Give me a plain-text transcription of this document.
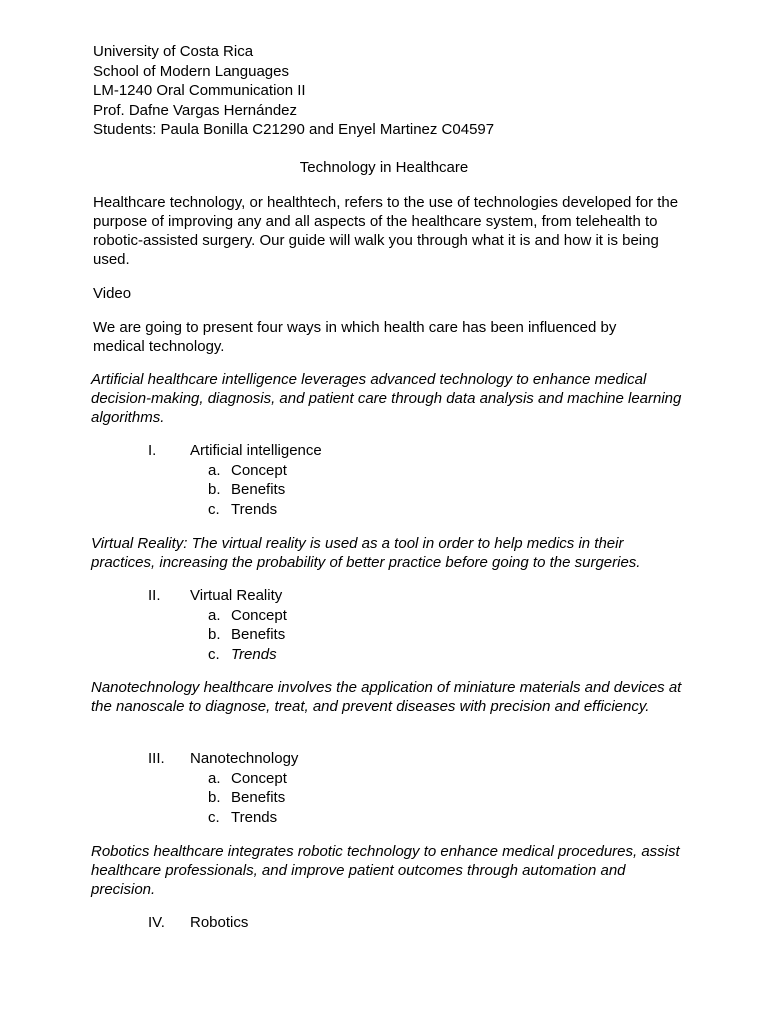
University of Costa Rica
School of Modern Languages
LM-1240 Oral Communication II
Prof. Dafne Vargas Hernández
Students: Paula Bonilla C21290 and Enyel Martinez C04597
Technology in Healthcare
Healthcare technology, or healthtech, refers to the use of technologies developed for the purpose of improving any and all aspects of the healthcare system, from telehealth to robotic-assisted surgery. Our guide will walk you through what it is and how it is being used.
Video
We are going to present four ways in which health care has been influenced by medical technology.
Artificial healthcare intelligence leverages advanced technology to enhance medical decision-making, diagnosis, and patient care through data analysis and machine learning algorithms.
I. Artificial intelligence
a. Concept
b. Benefits
c. Trends
Virtual Reality: The virtual reality is used as a tool in order to help medics in their practices, increasing the probability of better practice before going to the surgeries.
II. Virtual Reality
a. Concept
b. Benefits
c. Trends
Nanotechnology healthcare involves the application of miniature materials and devices at the nanoscale to diagnose, treat, and prevent diseases with precision and efficiency.
III. Nanotechnology
a. Concept
b. Benefits
c. Trends
Robotics healthcare integrates robotic technology to enhance medical procedures, assist healthcare professionals, and improve patient outcomes through automation and precision.
IV. Robotics
